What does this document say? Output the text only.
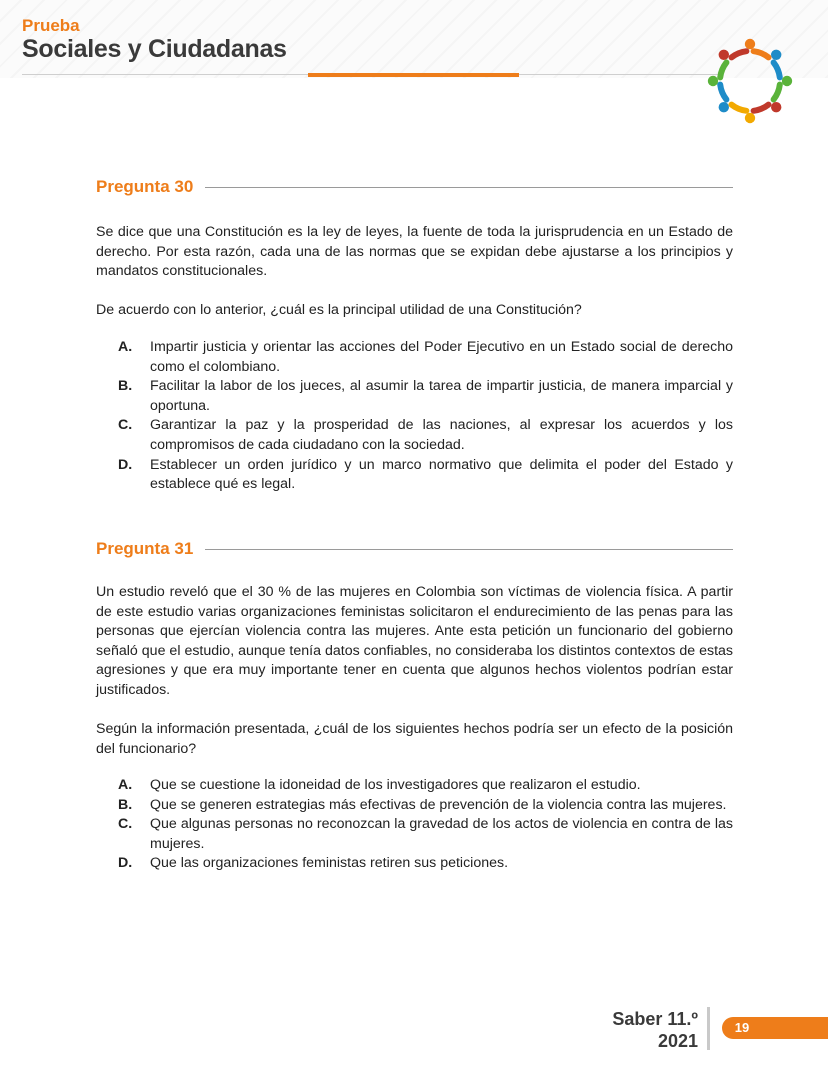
Prueba
Sociales y Ciudadanas
Pregunta 30

Se dice que una Constitución es la ley de leyes, la fuente de toda la jurisprudencia en un Estado de derecho. Por esta razón, cada una de las normas que se expidan debe ajustarse a los principios y mandatos constitucionales.

De acuerdo con lo anterior, ¿cuál es la principal utilidad de una Constitución?

A.	Impartir justicia y orientar las acciones del Poder Ejecutivo en un Estado social de derecho como el colombiano.
B.	Facilitar la labor de los jueces, al asumir la tarea de impartir justicia, de manera imparcial y oportuna.
C.	Garantizar la paz y la prosperidad de las naciones, al expresar los acuerdos y los compromisos de cada ciudadano con la sociedad.
D.	Establecer un orden jurídico y un marco normativo que delimita el poder del Estado y establece qué es legal.
Pregunta 31

Un estudio reveló que el 30 % de las mujeres en Colombia son víctimas de violencia física. A partir de este estudio varias organizaciones feministas solicitaron el endurecimiento de las penas para las personas que ejercían violencia contra las mujeres. Ante esta petición un funcionario del gobierno señaló que el estudio, aunque tenía datos confiables, no consideraba los distintos contextos de estas agresiones y que era muy importante tener en cuenta que algunos hechos violentos podrían estar justificados.

Según la información presentada, ¿cuál de los siguientes hechos podría ser un efecto de la posición del funcionario?

A.	Que se cuestione la idoneidad de los investigadores que realizaron el estudio.
B.	Que se generen estrategias más efectivas de prevención de la violencia contra las mujeres.
C.	Que algunas personas no reconozcan la gravedad de los actos de violencia en contra de las mujeres.
D.	Que las organizaciones feministas retiren sus peticiones.
Saber 11.º
2021
19
